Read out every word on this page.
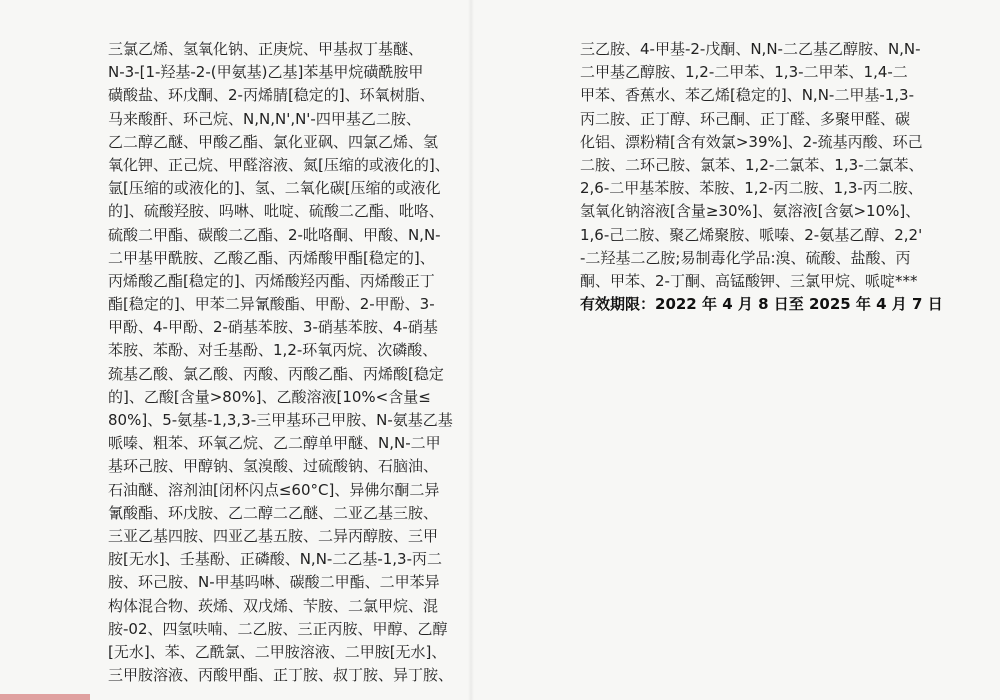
三氯乙烯、氢氧化钠、正庚烷、甲基叔丁基醚、
N-3-[1-羟基-2-(甲氨基)乙基]苯基甲烷磺酰胺甲
磺酸盐、环戊酮、2-丙烯腈[稳定的]、环氧树脂、
马来酸酐、环己烷、N,N,N',N'-四甲基乙二胺、
乙二醇乙醚、甲酸乙酯、氯化亚砜、四氯乙烯、氢
氧化钾、正己烷、甲醛溶液、氮[压缩的或液化的]、
氩[压缩的或液化的]、氢、二氧化碳[压缩的或液化
的]、硫酸羟胺、吗啉、吡啶、硫酸二乙酯、吡咯、
硫酸二甲酯、碳酸二乙酯、2-吡咯酮、甲酸、N,N-
二甲基甲酰胺、乙酸乙酯、丙烯酸甲酯[稳定的]、
丙烯酸乙酯[稳定的]、丙烯酸羟丙酯、丙烯酸正丁
酯[稳定的]、甲苯二异氰酸酯、甲酚、2-甲酚、3-
甲酚、4-甲酚、2-硝基苯胺、3-硝基苯胺、4-硝基
苯胺、苯酚、对壬基酚、1,2-环氧丙烷、次磷酸、
巯基乙酸、氯乙酸、丙酸、丙酸乙酯、丙烯酸[稳定
的]、乙酸[含量>80%]、乙酸溶液[10%<含量≤
80%]、5-氨基-1,3,3-三甲基环己甲胺、N-氨基乙基
哌嗪、粗苯、环氧乙烷、乙二醇单甲醚、N,N-二甲
基环己胺、甲醇钠、氢溴酸、过硫酸钠、石脑油、
石油醚、溶剂油[闭杯闪点≤60°C]、异佛尔酮二异
氰酸酯、环戊胺、乙二醇二乙醚、二亚乙基三胺、
三亚乙基四胺、四亚乙基五胺、二异丙醇胺、三甲
胺[无水]、壬基酚、正磷酸、N,N-二乙基-1,3-丙二
胺、环己胺、N-甲基吗啉、碳酸二甲酯、二甲苯异
构体混合物、莰烯、双戊烯、苄胺、二氯甲烷、混
胺-02、四氢呋喃、二乙胺、三正丙胺、甲醇、乙醇
[无水]、苯、乙酰氯、二甲胺溶液、二甲胺[无水]、
三甲胺溶液、丙酸甲酯、正丁胺、叔丁胺、异丁胺、
三乙胺、4-甲基-2-戊酮、N,N-二乙基乙醇胺、N,N-
二甲基乙醇胺、1,2-二甲苯、1,3-二甲苯、1,4-二
甲苯、香蕉水、苯乙烯[稳定的]、N,N-二甲基-1,3-
丙二胺、正丁醇、环己酮、正丁醛、多聚甲醛、碳
化铝、漂粉精[含有效氯>39%]、2-巯基丙酸、环己
二胺、二环己胺、氯苯、1,2-二氯苯、1,3-二氯苯、
2,6-二甲基苯胺、苯胺、1,2-丙二胺、1,3-丙二胺、
氢氧化钠溶液[含量≥30%]、氨溶液[含氨>10%]、
1,6-己二胺、聚乙烯聚胺、哌嗪、2-氨基乙醇、2,2'
-二羟基二乙胺;易制毒化学品:溴、硫酸、盐酸、丙
酮、甲苯、2-丁酮、高锰酸钾、三氯甲烷、哌啶***
有效期限：2022 年 4 月 8 日至 2025 年 4 月 7 日
